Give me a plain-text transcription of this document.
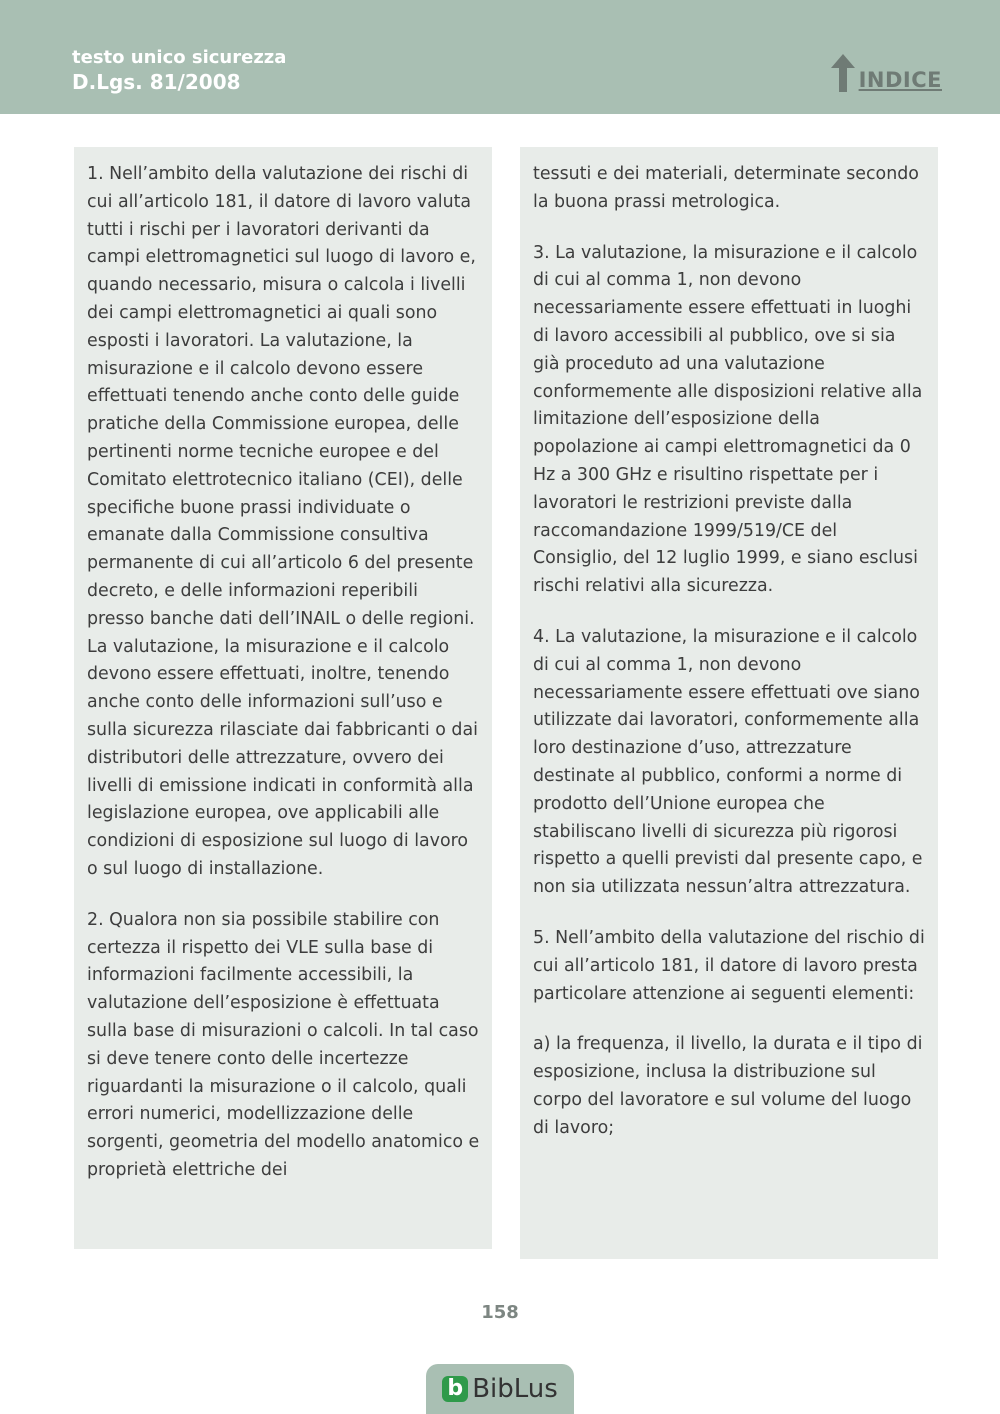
testo unico sicurezza
D.Lgs. 81/2008	INDICE

1. Nell’ambito della valutazione dei rischi di cui all’articolo 181, il datore di lavoro valuta tutti i rischi per i lavoratori derivanti da campi elettromagnetici sul luogo di lavoro e, quando necessario, misura o calcola i livelli dei campi elettromagnetici ai quali sono esposti i lavoratori. La valutazione, la misurazione e il calcolo devono essere effettuati tenendo anche conto delle guide pratiche della Commissione europea, delle pertinenti norme tecniche europee e del Comitato elettrotecnico italiano (CEI), delle specifiche buone prassi individuate o emanate dalla Commissione consultiva permanente di cui all’articolo 6 del presente decreto, e delle informazioni reperibili presso banche dati dell’INAIL o delle regioni. La valutazione, la misurazione e il calcolo devono essere effettuati, inoltre, tenendo anche conto delle informazioni sull’uso e sulla sicurezza rilasciate dai fabbricanti o dai distributori delle attrezzature, ovvero dei livelli di emissione indicati in conformità alla legislazione europea, ove applicabili alle condizioni di esposizione sul luogo di lavoro o sul luogo di installazione.

2. Qualora non sia possibile stabilire con certezza il rispetto dei VLE sulla base di informazioni facilmente accessibili, la valutazione dell’esposizione è effettuata sulla base di misurazioni o calcoli. In tal caso si deve tenere conto delle incertezze riguardanti la misurazione o il calcolo, quali errori numerici, modellizzazione delle sorgenti, geometria del modello anatomico e proprietà elettriche dei

tessuti e dei materiali, determinate secondo la buona prassi metrologica.

3. La valutazione, la misurazione e il calcolo di cui al comma 1, non devono necessariamente essere effettuati in luoghi di lavoro accessibili al pubblico, ove si sia già proceduto ad una valutazione conformemente alle disposizioni relative alla limitazione dell’esposizione della popolazione ai campi elettromagnetici da 0 Hz a 300 GHz e risultino rispettate per i lavoratori le restrizioni previste dalla raccomandazione 1999/519/CE del Consiglio, del 12 luglio 1999, e siano esclusi rischi relativi alla sicurezza.

4. La valutazione, la misurazione e il calcolo di cui al comma 1, non devono necessariamente essere effettuati ove siano utilizzate dai lavoratori, conformemente alla loro destinazione d’uso, attrezzature destinate al pubblico, conformi a norme di prodotto dell’Unione europea che stabiliscano livelli di sicurezza più rigorosi rispetto a quelli previsti dal presente capo, e non sia utilizzata nessun’altra attrezzatura.

5. Nell’ambito della valutazione del rischio di cui all’articolo 181, il datore di lavoro presta particolare attenzione ai seguenti elementi:

a) la frequenza, il livello, la durata e il tipo di esposizione, inclusa la distribuzione sul corpo del lavoratore e sul volume del luogo di lavoro;

158
b BibLus
